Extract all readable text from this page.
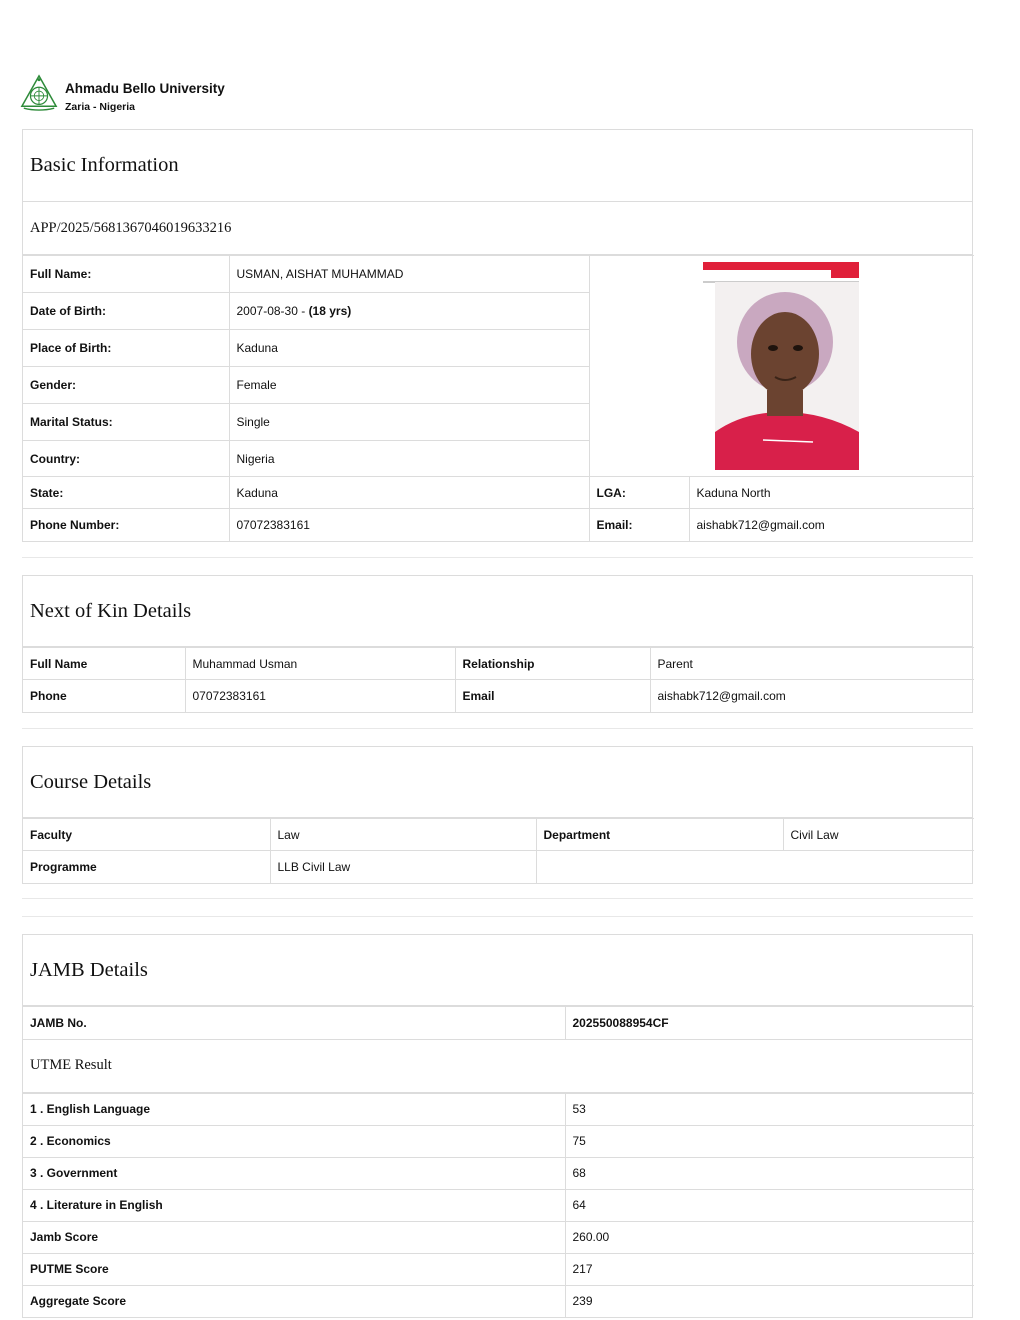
Ahmadu Bello University
Zaria - Nigeria
Basic Information
APP/2025/5681367046019633216
Full Name:	USMAN, AISHAT MUHAMMAD	

Date of Birth:	2007-08-30 - (18 yrs)		
Place of Birth:	Kaduna		
Gender:	Female		
Marital Status:	Single		
Country:	Nigeria		
State:	Kaduna	LGA:	Kaduna North
Phone Number:	07072383161	Email:	aishabk712@gmail.com
Next of Kin Details
Full Name	Muhammad Usman	Relationship	Parent
Phone	07072383161	Email	aishabk712@gmail.com
Course Details
Faculty	Law	Department	Civil Law
Programme	LLB Civil Law		
JAMB Details
JAMB No.	202550088954CF
UTME Result
1 . English Language	53
2 . Economics	75
3 . Government	68
4 . Literature in English	64
Jamb Score	260.00
PUTME Score	217
Aggregate Score	239
